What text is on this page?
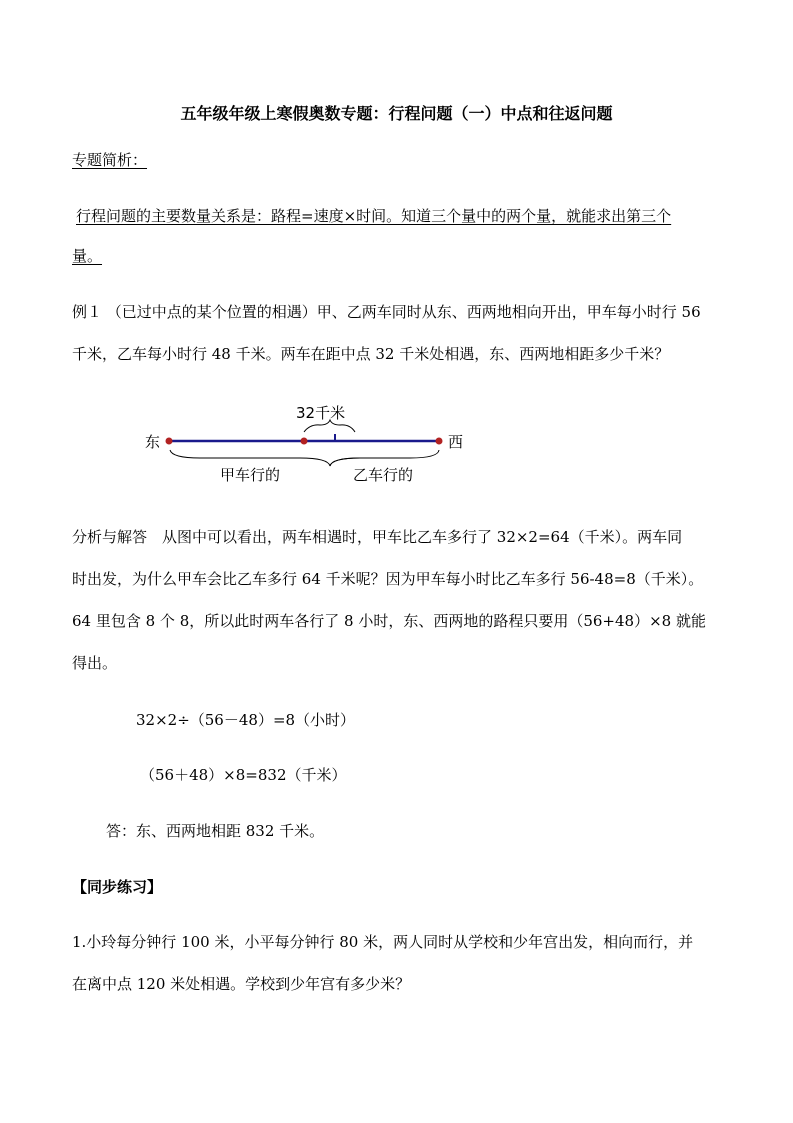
五年级年级上寒假奥数专题：行程问题（一）中点和往返问题
专题简析：
行程问题的主要数量关系是：路程=速度×时间。知道三个量中的两个量，就能求出第三个
量。
例１ （已过中点的某个位置的相遇）甲、乙两车同时从东、西两地相向开出，甲车每小时行 56
千米，乙车每小时行 48 千米。两车在距中点 32 千米处相遇，东、西两地相距多少千米？
32千米
东	西
甲车行的	乙车行的
分析与解答　从图中可以看出，两车相遇时，甲车比乙车多行了 32×2=64（千米）。两车同
时出发，为什么甲车会比乙车多行 64 千米呢？因为甲车每小时比乙车多行 56-48=8（千米）。
64 里包含 8 个 8，所以此时两车各行了 8 小时，东、西两地的路程只要用（56+48）×8 就能
得出。
32×2÷（56－48）=8（小时）
（56＋48）×8=832（千米）
答：东、西两地相距 832 千米。
【同步练习】
1.小玲每分钟行 100 米，小平每分钟行 80 米，两人同时从学校和少年宫出发，相向而行，并
在离中点 120 米处相遇。学校到少年宫有多少米？
